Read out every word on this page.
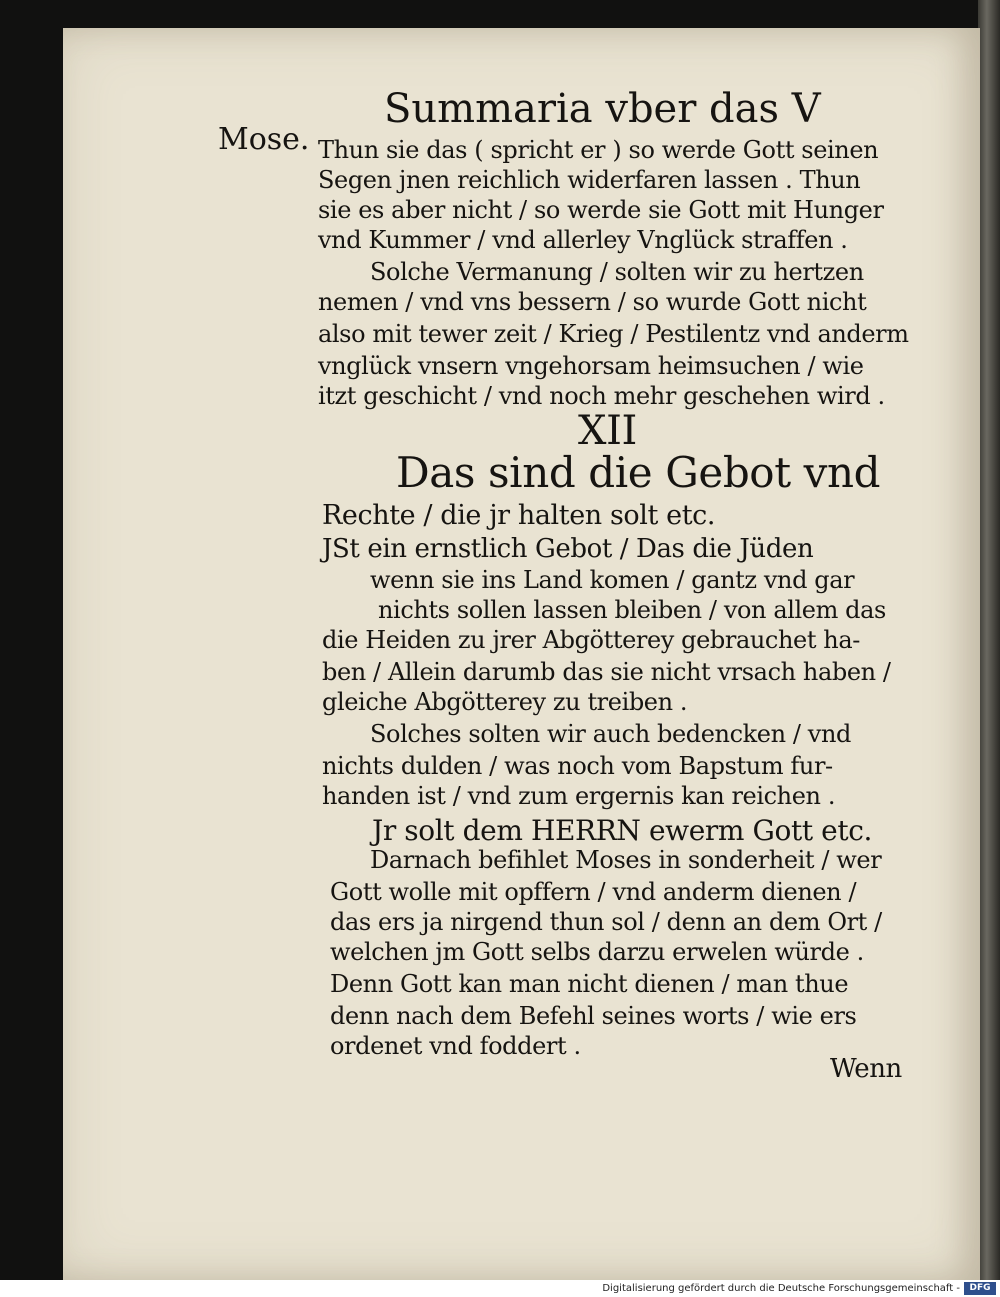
Mose.
Summaria vber das V
Thun sie das ( spricht er ) so werde Gott seinen
Segen jnen reichlich widerfaren lassen . Thun
sie es aber nicht / so werde sie Gott mit Hunger
vnd Kummer / vnd allerley Vnglück straffen .
Solche Vermanung / solten wir zu hertzen
nemen / vnd vns bessern / so wurde Gott nicht
also mit tewer zeit / Krieg / Pestilentz vnd anderm
vnglück vnsern vngehorsam heimsuchen / wie
itzt geschicht / vnd noch mehr geschehen wird .
XII
Das sind die Gebot vnd
Rechte / die jr halten solt etc.
JSt ein ernstlich Gebot / Das die Jüden
wenn sie ins Land komen / gantz vnd gar
nichts sollen lassen bleiben / von allem das
die Heiden zu jrer Abgötterey gebrauchet ha-
ben / Allein darumb das sie nicht vrsach haben /
gleiche Abgötterey zu treiben .
Solches solten wir auch bedencken / vnd
nichts dulden / was noch vom Bapstum fur-
handen ist / vnd zum ergernis kan reichen .
Jr solt dem HERRN ewerm Gott etc.
Darnach befihlet Moses in sonderheit / wer
Gott wolle mit opffern / vnd anderm dienen /
das ers ja nirgend thun sol / denn an dem Ort /
welchen jm Gott selbs darzu erwelen würde .
Denn Gott kan man nicht dienen / man thue
denn nach dem Befehl seines worts / wie ers
ordenet vnd foddert .
Wenn
Digitalisierung gefördert durch die Deutsche Forschungsgemeinschaft -	DFG
